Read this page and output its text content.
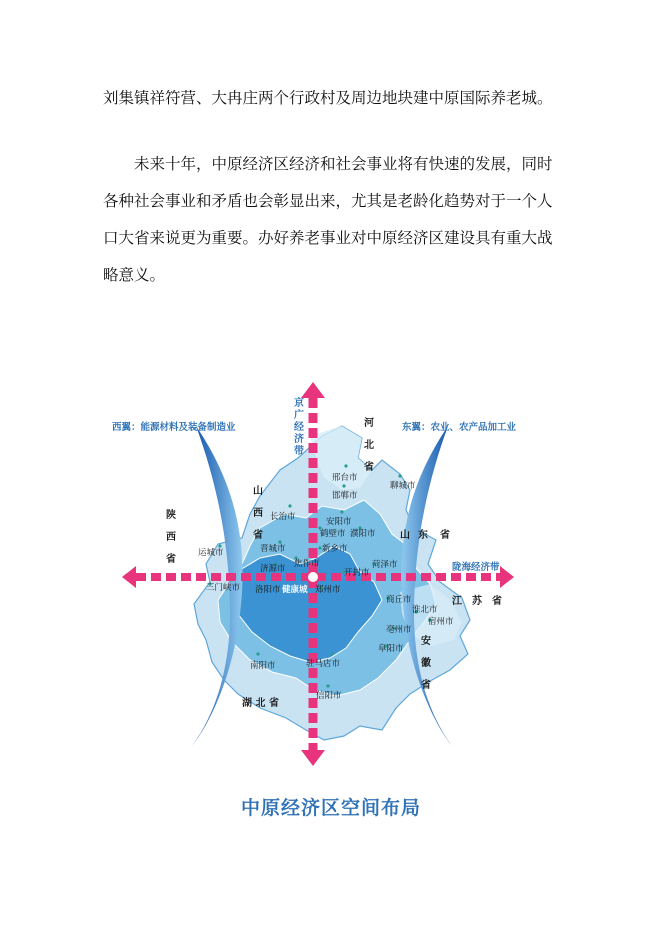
刘集镇祥符营、大冉庄两个行政村及周边地块建中原国际养老城。
未来十年，中原经济区经济和社会事业将有快速的发展，同时
各种社会事业和矛盾也会彰显出来，尤其是老龄化趋势对于一个人
口大省来说更为重要。办好养老事业对中原经济区建设具有重大战
略意义。
京
广
经
济
带
陇海经济带
西翼：能源材料及装备制造业	东翼：农业、农产品加工业
河
北
省
山
西
省
陕
西
省
山 东 省
江 苏 省
安
徽
省
湖 北 省
邢台市
邯郸市
聊城市
长治市	安阳市
鹤壁市 濮阳市
运城市	晋城市	新乡市
焦作市
济源市	菏泽市
开封市
三门峡市 洛阳市	郑州市
健康城
商丘市
宿州市
淮北市
亳州市
阜阳市
南阳市	驻马店市
信阳市
中原经济区空间布局
